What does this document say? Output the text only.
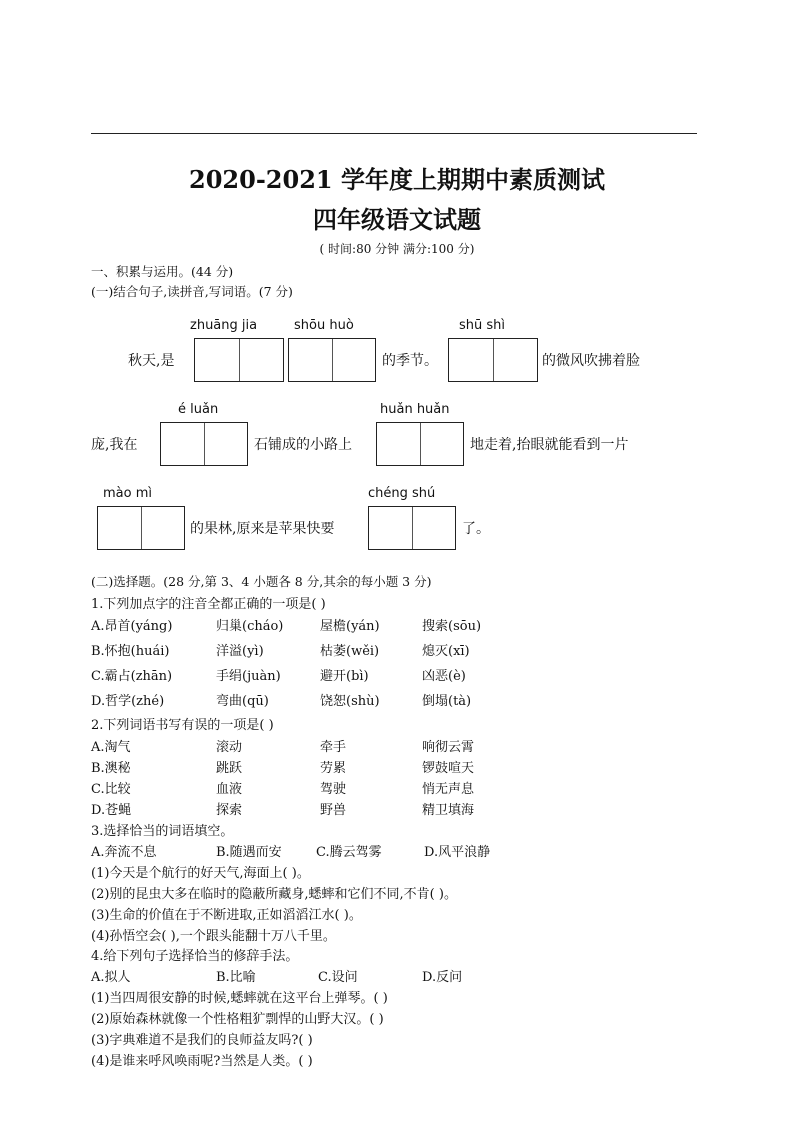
2020-2021 学年度上期期中素质测试
四年级语文试题
( 时间:80 分钟 满分:100 分)
一、积累与运用。(44 分)
(一)结合句子,读拼音,写词语。(7 分)
zhuāng jia	shōu huò	shū shì
秋天,是	的季节。	的微风吹拂着脸
é luǎn	huǎn huǎn
庞,我在	石铺成的小路上	地走着,抬眼就能看到一片
mào mì	chéng shú
的果林,原来是苹果快要	了。
(二)选择题。(28 分,第 3、4 小题各 8 分,其余的每小题 3 分)
1.下列加点字的注音全都正确的一项是( )
A.昂首(yáng)	归巢(cháo)	屋檐(yán)	搜索(sōu)
B.怀抱(huái)	洋溢(yì)	枯萎(wěi)	熄灭(xī)
C.霸占(zhān)	手绢(juàn)	避开(bì)	凶恶(è)
D.哲学(zhé)	弯曲(qū)	饶恕(shù)	倒塌(tà)
2.下列词语书写有误的一项是( )
A.淘气	滚动	牵手	响彻云霄
B.澳秘	跳跃	劳累	锣鼓喧天
C.比较	血液	驾驶	悄无声息
D.苍蝇	探索	野兽	精卫填海
3.选择恰当的词语填空。
A.奔流不息	B.随遇而安	C.腾云驾雾	D.风平浪静
(1)今天是个航行的好天气,海面上( )。
(2)别的昆虫大多在临时的隐蔽所藏身,蟋蟀和它们不同,不肯( )。
(3)生命的价值在于不断进取,正如滔滔江水( )。
(4)孙悟空会( ),一个跟头能翻十万八千里。
4.给下列句子选择恰当的修辞手法。
A.拟人	B.比喻	C.设问	D.反问
(1)当四周很安静的时候,蟋蟀就在这平台上弹琴。( )
(2)原始森林就像一个性格粗犷剽悍的山野大汉。( )
(3)字典难道不是我们的良师益友吗?( )
(4)是谁来呼风唤雨呢?当然是人类。( )
